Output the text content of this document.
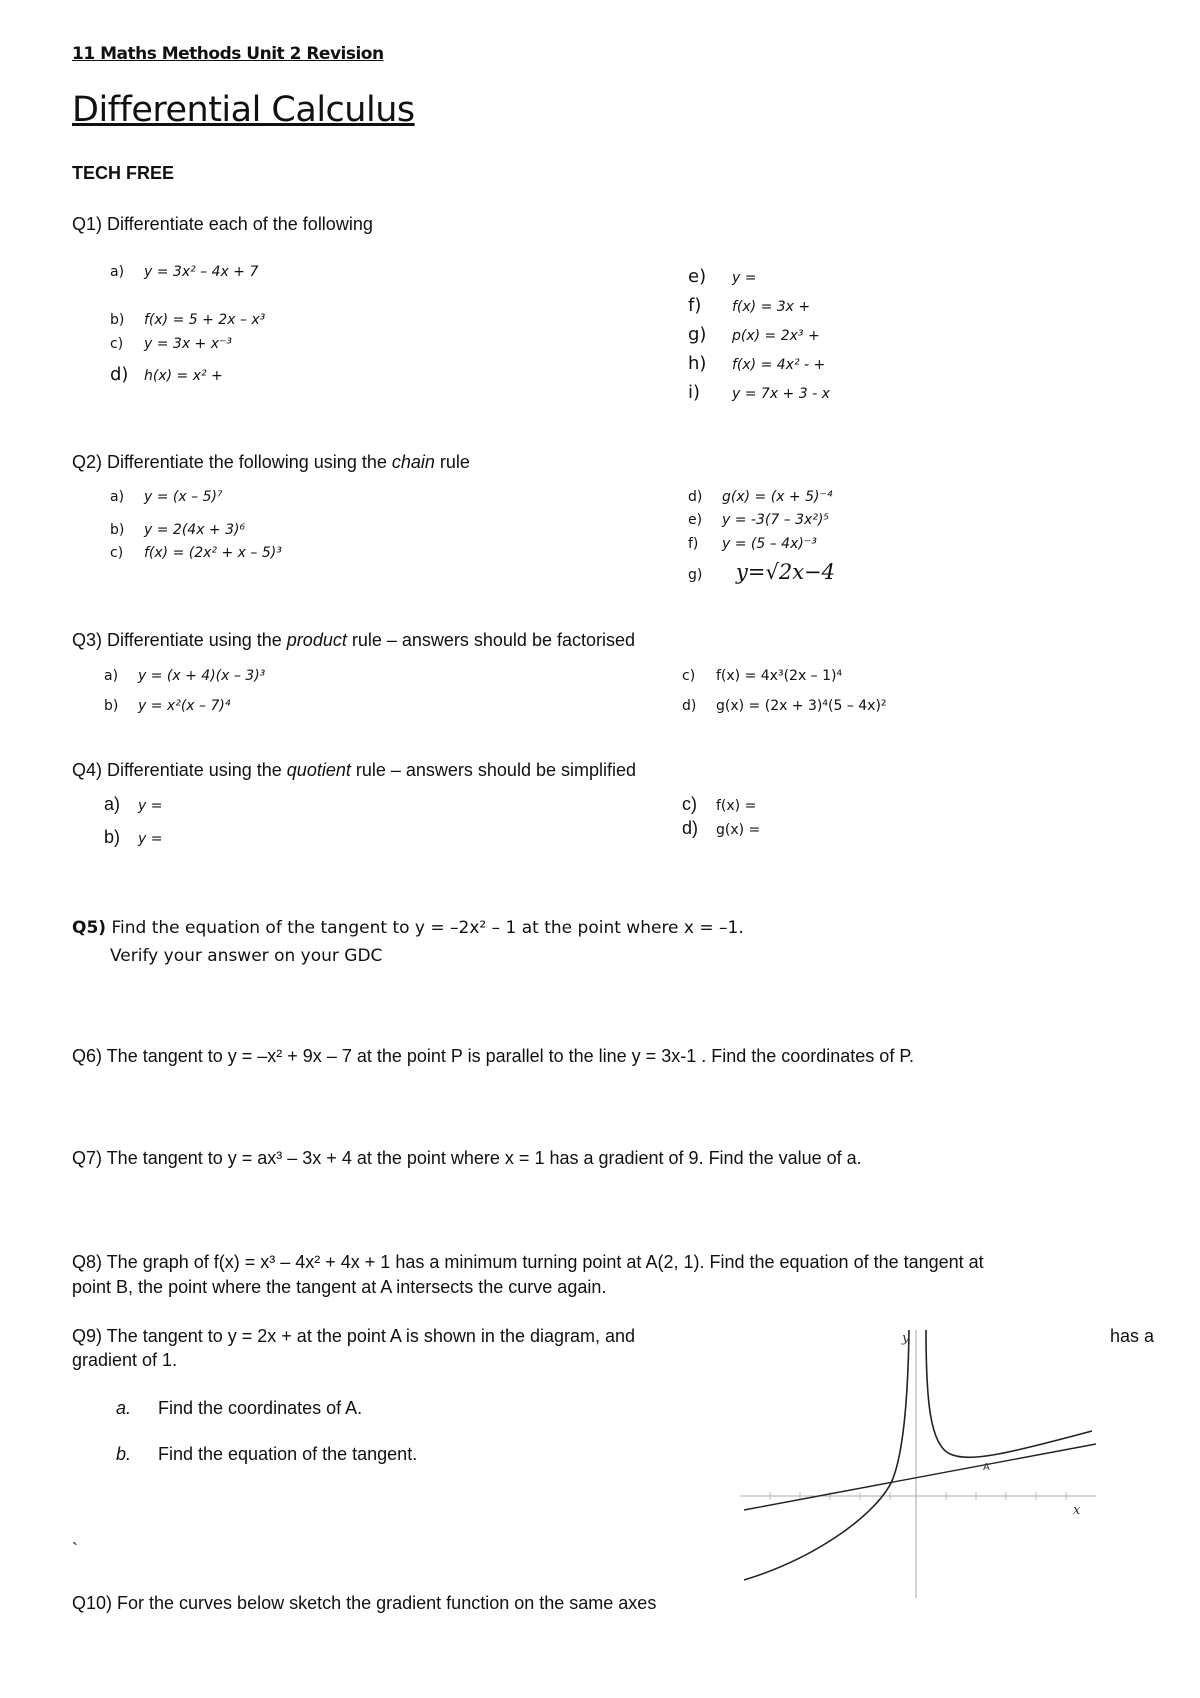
11 Maths Methods Unit 2 Revision
Differential Calculus
TECH FREE
Q1) Differentiate each of the following
a) y = 3x² – 4x + 7
b) f(x) = 5 + 2x – x³
c) y = 3x + x⁻³
d) h(x) = x² +
e) y =
f) f(x) = 3x +
g) p(x) = 2x³ +
h) f(x) = 4x² - +
i) y = 7x + 3 - x
Q2) Differentiate the following using the chain rule
a) y = (x – 5)⁷
b) y = 2(4x + 3)⁶
c) f(x) = (2x² + x – 5)³
d) g(x) = (x + 5)⁻⁴
e) y = -3(7 – 3x²)⁵
f) y = (5 – 4x)⁻³
g) y=√2x−4
Q3) Differentiate using the product rule – answers should be factorised
a) y = (x + 4)(x – 3)³
b) y = x²(x – 7)⁴
c) f(x) = 4x³(2x – 1)⁴
d) g(x) = (2x + 3)⁴(5 – 4x)²
Q4) Differentiate using the quotient rule – answers should be simplified
a) y =
b) y =
c) f(x) =
d) g(x) =
Q5) Find the equation of the tangent to y = –2x² – 1 at the point where x = –1.
Verify your answer on your GDC
Q6) The tangent to y = –x² + 9x – 7 at the point P is parallel to the line y = 3x-1 . Find the coordinates of P.
Q7) The tangent to y = ax³ – 3x + 4 at the point where x = 1 has a gradient of 9. Find the value of a.
Q8) The graph of f(x) = x³ – 4x² + 4x + 1 has a minimum turning point at A(2, 1). Find the equation of the tangent at
point B, the point where the tangent at A intersects the curve again.
Q9) The tangent to y = 2x + at the point A is shown in the diagram, and	has a
gradient of 1.
a. Find the coordinates of A.
b. Find the equation of the tangent.
`
y
x
A
Q10) For the curves below sketch the gradient function on the same axes
